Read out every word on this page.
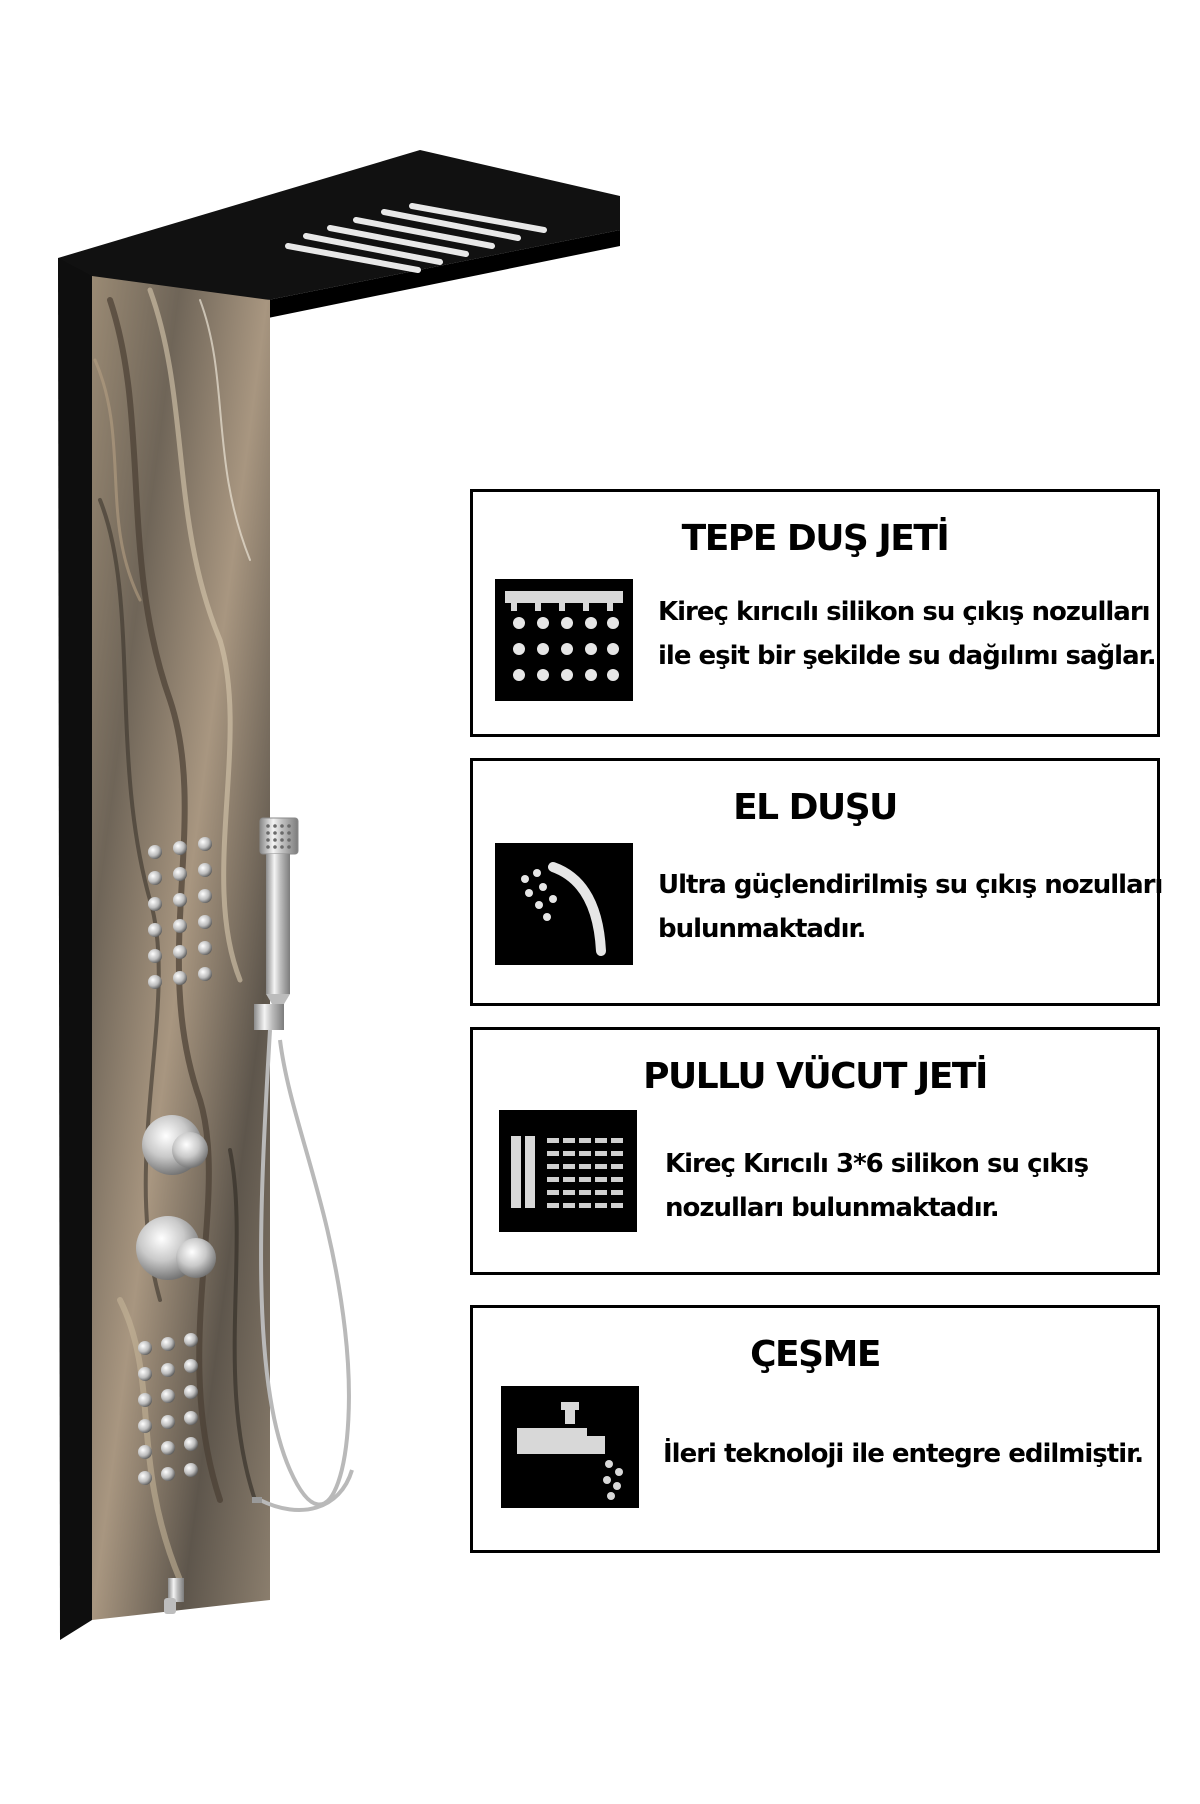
TEPE DUŞ JETİ
Kireç kırıcılı silikon su çıkış nozulları
ile eşit bir şekilde su dağılımı sağlar.
EL DUŞU
Ultra güçlendirilmiş su çıkış nozulları
bulunmaktadır.
PULLU VÜCUT JETİ
Kireç Kırıcılı 3*6 silikon su çıkış
nozulları bulunmaktadır.
ÇEŞME
İleri teknoloji ile entegre edilmiştir.
